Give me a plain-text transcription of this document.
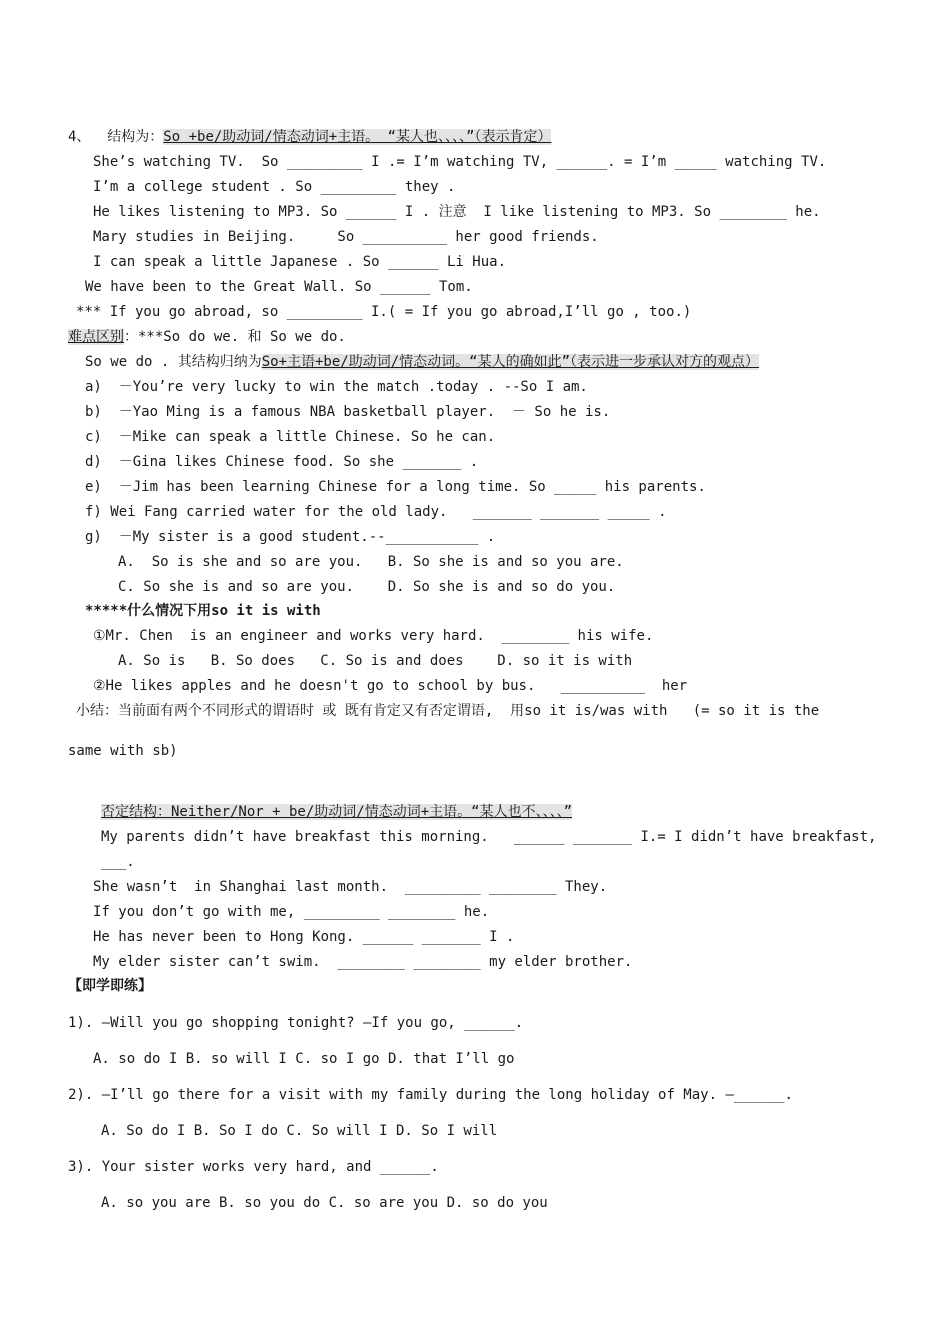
4、  结构为：So +be/助动词/情态动词+主语。 “某人也、、、、”（表示肯定）
She’s watching TV.  So _________ I .= I’m watching TV, ______. = I’m _____ watching TV.
I’m a college student . So _________ they .
He likes listening to MP3. So ______ I . 注意  I like listening to MP3. So ________ he.
Mary studies in Beijing.     So __________ her good friends.
I can speak a little Japanese . So ______ Li Hua.
We have been to the Great Wall. So ______ Tom.
*** If you go abroad, so _________ I.( = If you go abroad,I’ll go , too.)
难点区别：***So do we. 和 So we do.
So we do . 其结构归纳为So+主语+be/助动词/情态动词。“某人的确如此”（表示进一步承认对方的观点）
a)  －You’re very lucky to win the match .today . --So I am.
b)  －Yao Ming is a famous NBA basketball player.  － So he is.
c)  －Mike can speak a little Chinese. So he can.
d)  －Gina likes Chinese food. So she _______ .
e)  －Jim has been learning Chinese for a long time. So _____ his parents.
f) Wei Fang carried water for the old lady.   _______ _______ _____ .
g)  －My sister is a good student.--___________ .
A.  So is she and so are you.   B. So she is and so you are.
C. So she is and so are you.    D. So she is and so do you.
*****什么情况下用so it is with
①Mr. Chen  is an engineer and works very hard.  ________ his wife.
A. So is   B. So does   C. So is and does    D. so it is with
②He likes apples and he doesn't go to school by bus.   __________  her
小结：当前面有两个不同形式的谓语时 或 既有肯定又有否定谓语,  用so it is/was with   (= so it is the
same with sb)
否定结构：Neither/Nor + be/助动词/情态动词+主语。“某人也不、、、、”
My parents didn’t have breakfast this morning.   ______ _______ I.= I didn’t have breakfast,
___.
She wasn’t  in Shanghai last month.  _________ ________ They.
If you don’t go with me, _________ ________ he.
He has never been to Hong Kong. ______ _______ I .
My elder sister can’t swim.  ________ ________ my elder brother.
【即学即练】
1). —Will you go shopping tonight? —If you go, ______.
A. so do I B. so will I C. so I go D. that I’ll go
2). —I’ll go there for a visit with my family during the long holiday of May. —______.
A. So do I B. So I do C. So will I D. So I will
3). Your sister works very hard, and ______.
A. so you are B. so you do C. so are you D. so do you
